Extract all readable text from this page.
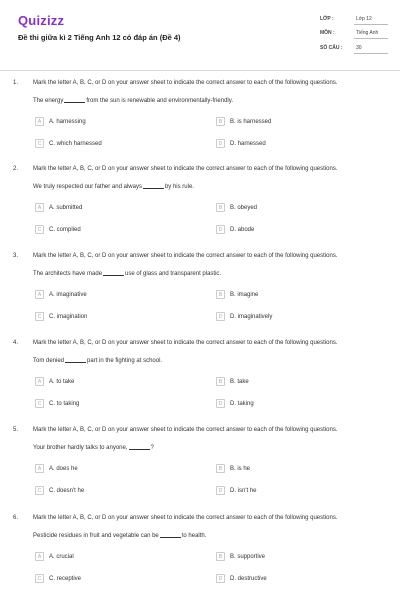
Quizizz
Đề thi giữa kì 2 Tiếng Anh 12 có đáp án (Đề 4)
LỚP :	Lớp 12
MÔN :	Tiếng Anh
SỐ CÂU :	30
1. Mark the letter A, B, C, or D on your answer sheet to indicate the correct answer to each of the following questions.
The energy	from the sun is renewable and environmentally-friendly.
A	A. harnessing	B	B. is harnessed
C	C. which harnessed	D	D. harnessed
2. Mark the letter A, B, C, or D on your answer sheet to indicate the correct answer to each of the following questions.
We truly respected our father and always	by his rule.
A	A. submitted	B	B. obeyed
C	C. complied	D	D. abode
3. Mark the letter A, B, C, or D on your answer sheet to indicate the correct answer to each of the following questions.
The architects have made	use of glass and transparent plastic.
A	A. imaginative	B	B. imagine
C	C. imagination	D	D. imaginatively
4. Mark the letter A, B, C, or D on your answer sheet to indicate the correct answer to each of the following questions.
Tom denied	part in the fighting at school.
A	A. to take	B	B. take
C	C. to taking	D	D. taking
5. Mark the letter A, B, C, or D on your answer sheet to indicate the correct answer to each of the following questions.
Your brother hardly talks to anyone,	?
A	A. does he	B	B. is he
C	C. doesn't he	D	D. isn't he
6. Mark the letter A, B, C, or D on your answer sheet to indicate the correct answer to each of the following questions.
Pesticide residues in fruit and vegetable can be	to health.
A	A. crucial	B	B. supportive
C	C. receptive	D	D. destructive
